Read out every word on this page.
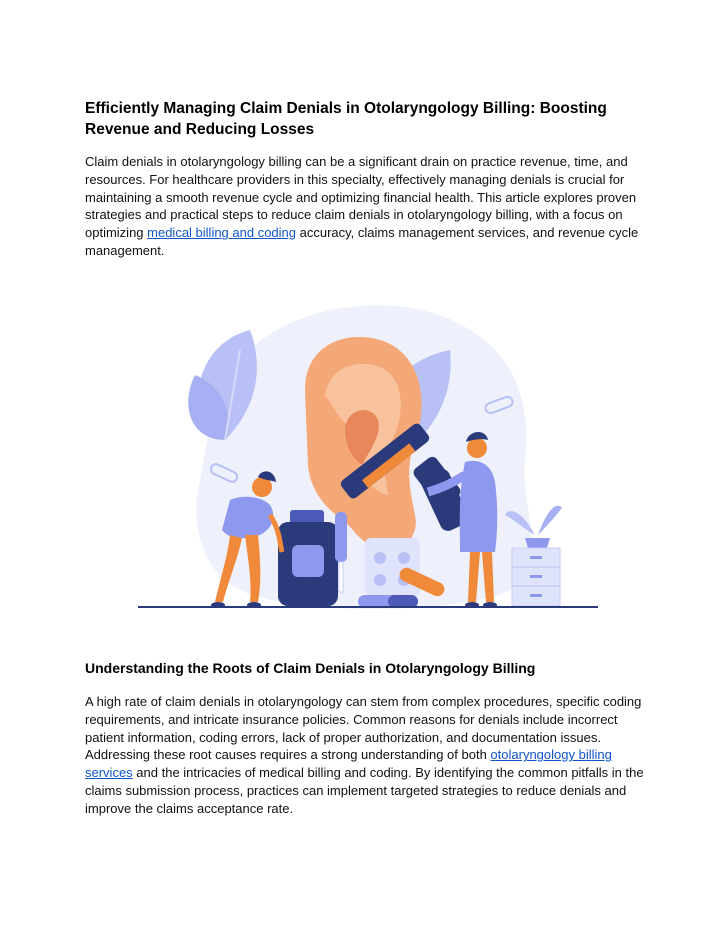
Efficiently Managing Claim Denials in Otolaryngology Billing: Boosting Revenue and Reducing Losses

Claim denials in otolaryngology billing can be a significant drain on practice revenue, time, and resources. For healthcare providers in this specialty, effectively managing denials is crucial for maintaining a smooth revenue cycle and optimizing financial health. This article explores proven strategies and practical steps to reduce claim denials in otolaryngology billing, with a focus on optimizing medical billing and coding accuracy, claims management services, and revenue cycle management.

Understanding the Roots of Claim Denials in Otolaryngology Billing

A high rate of claim denials in otolaryngology can stem from complex procedures, specific coding requirements, and intricate insurance policies. Common reasons for denials include incorrect patient information, coding errors, lack of proper authorization, and documentation issues. Addressing these root causes requires a strong understanding of both otolaryngology billing services and the intricacies of medical billing and coding. By identifying the common pitfalls in the claims submission process, practices can implement targeted strategies to reduce denials and improve the claims acceptance rate.
